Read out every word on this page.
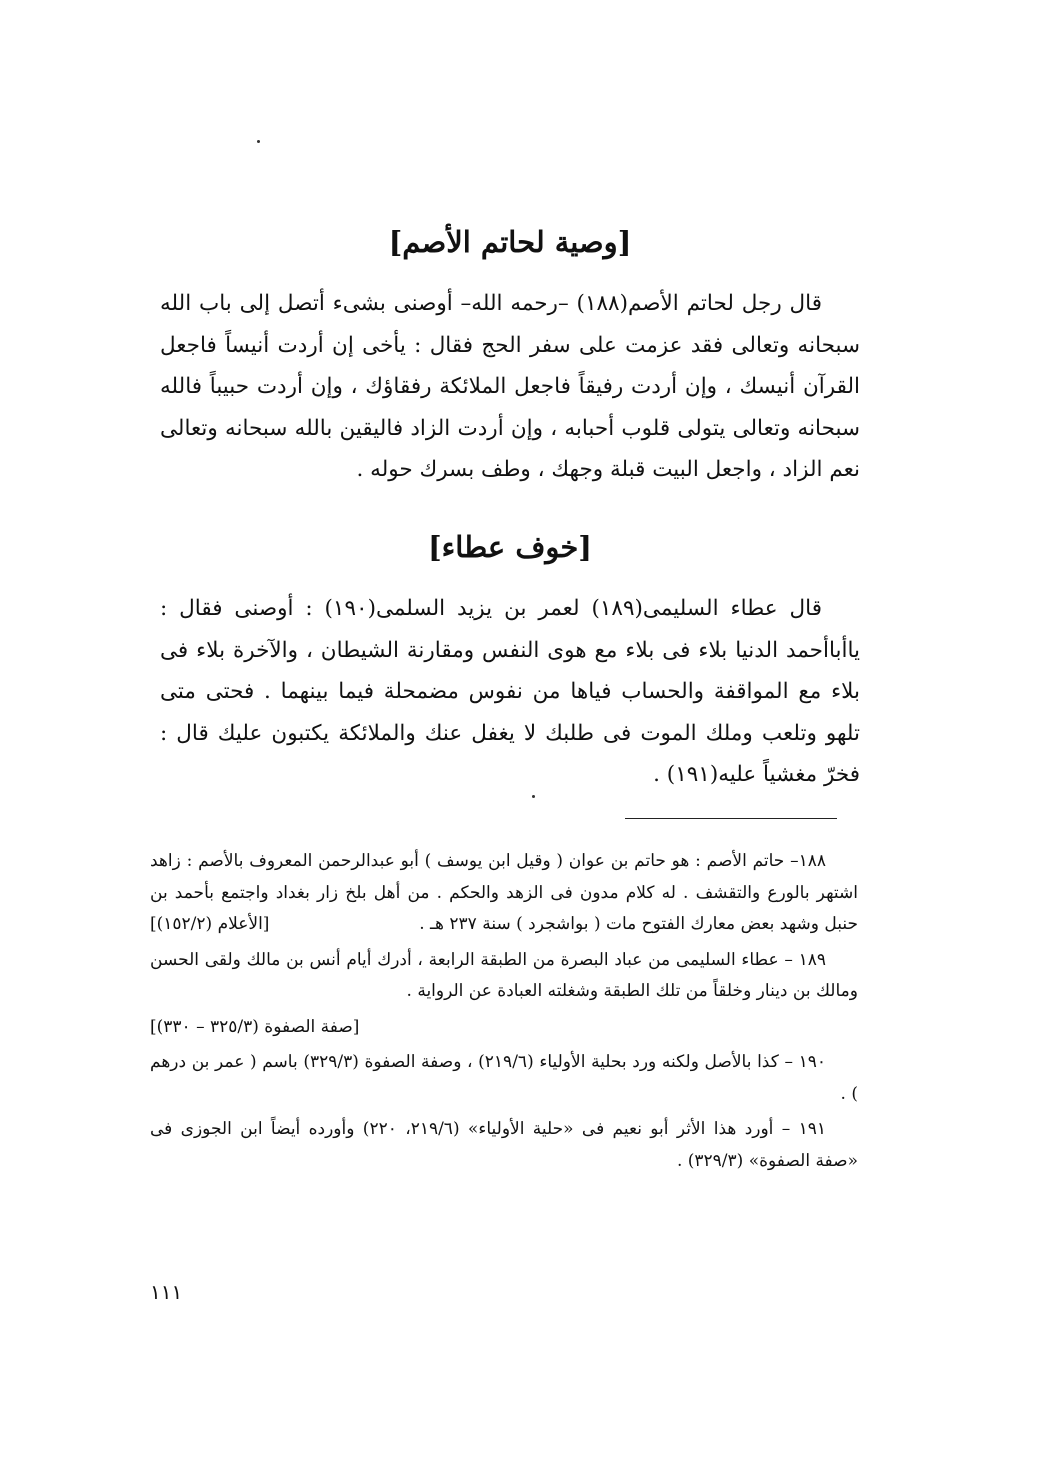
[وصية لحاتم الأصم]

قال رجل لحاتم الأصم(١٨٨) –رحمه الله– أوصنى بشىء أتصل إلى باب الله سبحانه وتعالى فقد عزمت على سفر الحج فقال : يأخى إن أردت أنيساً فاجعل القرآن أنيسك ، وإن أردت رفيقاً فاجعل الملائكة رفقاؤك ، وإن أردت حبيباً فالله سبحانه وتعالى يتولى قلوب أحبابه ، وإن أردت الزاد فاليقين بالله سبحانه وتعالى نعم الزاد ، واجعل البيت قبلة وجهك ، وطف بسرك حوله .

[خوف عطاء]

قال عطاء السليمى(١٨٩) لعمر بن يزيد السلمى(١٩٠) : أوصنى فقال : ياأباأحمد الدنيا بلاء فى بلاء مع هوى النفس ومقارنة الشيطان ، والآخرة بلاء فى بلاء مع المواقفة والحساب فياها من نفوس مضمحلة فيما بينهما . فحتى متى تلهو وتلعب وملك الموت فى طلبك لا يغفل عنك والملائكة يكتبون عليك قال : فخرّ مغشياً عليه(١٩١) .

١٨٨– حاتم الأصم : هو حاتم بن عوان ( وقيل ابن يوسف ) أبو عبدالرحمن المعروف بالأصم : زاهد اشتهر بالورع والتقشف . له كلام مدون فى الزهد والحكم . من أهل بلخ زار بغداد واجتمع بأحمد بن حنبل وشهد بعض معارك الفتوح مات ( بواشجرد ) سنة ٢٣٧ هـ .

[الأعلام (١٥٢/٢)]

١٨٩ – عطاء السليمى من عباد البصرة من الطبقة الرابعة ، أدرك أيام أنس بن مالك ولقى الحسن ومالك بن دينار وخلقاً من تلك الطبقة وشغلته العبادة عن الرواية .

[صفة الصفوة (٣٢٥/٣ – ٣٣٠)]

١٩٠ – كذا بالأصل ولكنه ورد بحلية الأولياء (٢١٩/٦) ، وصفة الصفوة (٣٢٩/٣) باسم ( عمر بن درهم ) .

١٩١ – أورد هذا الأثر أبو نعيم فى «حلية الأولياء» (٢١٩/٦، ٢٢٠) وأورده أيضاً ابن الجوزى فى «صفة الصفوة» (٣٢٩/٣) .

١١١
